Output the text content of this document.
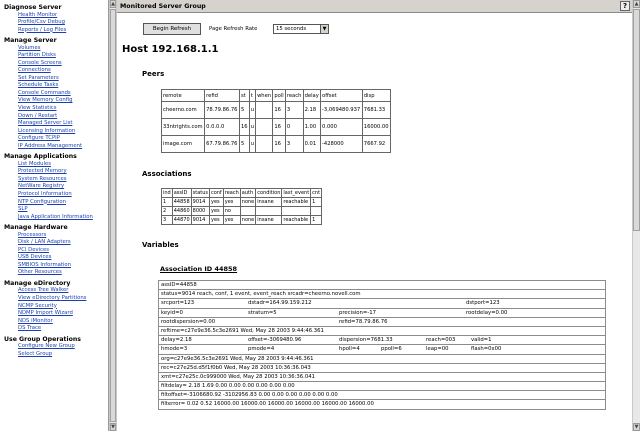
Diagnose Server
Health Monitor
Profile/Csv Debug
Reports / Log Files
Manage Server
Volumes
Partition Disks
Console Screens
Connections
Set Parameters
Schedule Tasks
Console Commands
View Memory Config
View Statistics
Down / Restart
Managed Server List
Licensing Information
Configure TCPIP
IP Address Management
Manage Applications
List Modules
Protected Memory
System Resources
NetWare Registry
Protocol Information
NTP Configuration
SLP
Java Application Information
Manage Hardware
Processors
Disk / LAN Adapters
PCI Devices
USB Devices
SMBIOS Information
Other Resources
Manage eDirectory
Access Tree Walker
View eDirectory Partitions
NCMP Security
NDMP Import Wizard
NDS iMonitor
DS Trace
Use Group Operations
Configure New Group
Select Group
▲
▼
Monitored Server Group	?
Begin Refresh	Page Refresh Rate	15 seconds	▼
Host 192.168.1.1
Peers
remote	refid	st	t	when	poll	reach	delay	offset	disp
cheerno.com	78.79.86.76	5	u		16	3	2.18	-3,069480.937	7681.33
33ntrights.com	0.0.0.0	16	u		16	0	1.00	0.000	16000.00
image.com	67.79.86.76	5	u		16	3	0.01	-428000	7667.92
Associations
ind	assID	status	conf	reach	auth	condition	last_event	cnt
1	44858	9014	yes	yes	none	insane	reachable	1
2	44860	8000	yes	no				
3	44870	9014	yes	yes	none	insane	reachable	1
Variables
Association ID 44858
assID=44858

status=9014 reach, conf, 1 event, event_reach srcadr=cheerno.novell.com

srcport=123	dstadr=164.99.159.212	dstport=123

keyid=0	stratum=5	precision=-17	rootdelay=0.00

rootdispersion=0.00	refid=78.79.86.76

reftime=c27e9e36.5c3e2691 Wed, May 28 2003 9:44:46.361

delay=2.18	offset=-3069480.96	dispersion=7681.33	reach=003	valid=1

hmode=3	pmode=4	hpoll=4	ppoll=6	leap=00	flash=0x00

org=c27e9e36.5c3e2691 Wed, May 28 2003 9:44:46.361

rec=c27e25d.d5f1f0b0 Wed, May 28 2003 10:36:36.043

xmt=c27e25c.0c999000 Wed, May 28 2003 10:36:36.041

filtdelay= 2.18 1.69 0.00 0.00 0.00 0.00 0.00 0.00

filtoffset=-3106680.92 -3102956.83 0.00 0.00 0.00 0.00 0.00 0.00

filterror= 0.02 0.52 16000.00 16000.00 16000.00 16000.00 16000.00 16000.00
▲
▼
